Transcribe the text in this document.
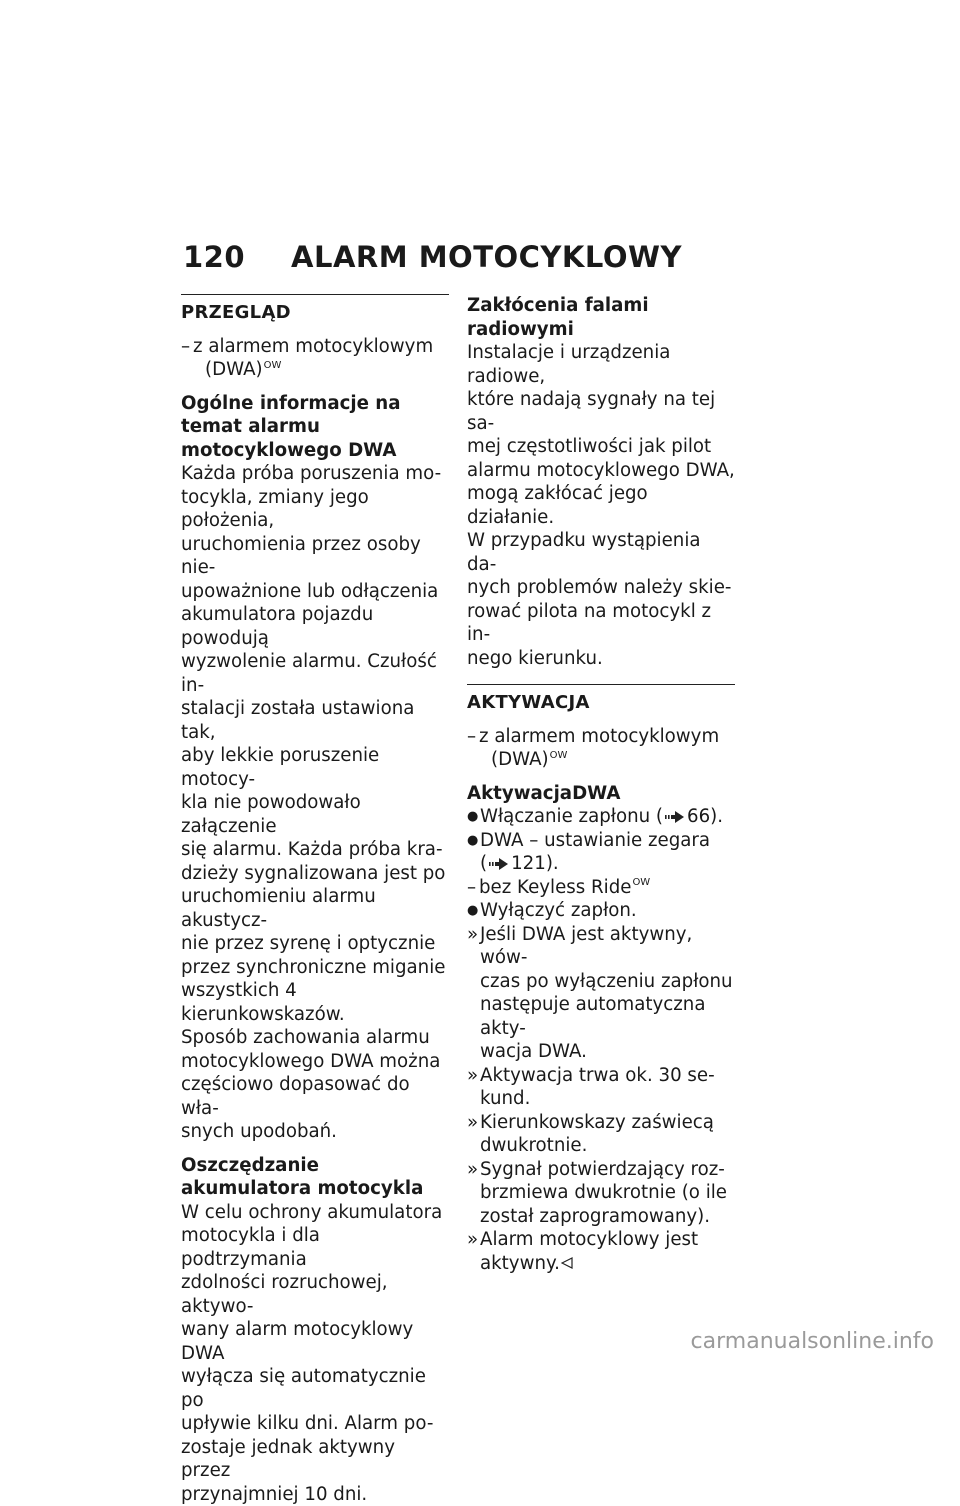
120 ALARM MOTOCYKLOWY
PRZEGLĄD
– z alarmem motocyklowym
(DWA)$^{OW}$
Ogólne informacje na temat alarmu motocyklowego DWA
Każda próba poruszenia mo-
tocykla, zmiany jego położenia,
uruchomienia przez osoby nie-
upoważnione lub odłączenia
akumulatora pojazdu powodują
wyzwolenie alarmu. Czułość in-
stalacji została ustawiona tak,
aby lekkie poruszenie motocy-
kla nie powodowało załączenie
się alarmu. Każda próba kra-
dzieży sygnalizowana jest po
uruchomieniu alarmu akustycz-
nie przez syrenę i optycznie
przez synchroniczne miganie
wszystkich 4 kierunkowskazów.
Sposób zachowania alarmu
motocyklowego DWA można
częściowo dopasować do wła-
snych upodobań.
Oszczędzanie akumulatora motocykla
W celu ochrony akumulatora
motocykla i dla podtrzymania
zdolności rozruchowej, aktywo-
wany alarm motocyklowy DWA
wyłącza się automatycznie po
upływie kilku dni. Alarm po-
zostaje jednak aktywny przez
przynajmniej 10 dni.
Zakłócenia falami radiowymi
Instalacje i urządzenia radiowe,
które nadają sygnały na tej sa-
mej częstotliwości jak pilot
alarmu motocyklowego DWA,
mogą zakłócać jego działanie.
W przypadku wystąpienia da-
nych problemów należy skie-
rować pilota na motocykl z in-
nego kierunku.
AKTYWACJA
– z alarmem motocyklowym
(DWA)$^{OW}$
AktywacjaDWA
● Włączanie zapłonu ( 66).
● DWA – ustawianie zegara
( 121).
– bez Keyless Ride$^{OW}$
● Wyłączyć zapłon.
» Jeśli DWA jest aktywny, wów-
czas po wyłączeniu zapłonu
następuje automatyczna akty-
wacja DWA.
» Aktywacja trwa ok. 30 se-
kund.
» Kierunkowskazy zaświecą
dwukrotnie.
» Sygnał potwierdzający roz-
brzmiewa dwukrotnie (o ile
został zaprogramowany).
» Alarm motocyklowy jest
aktywny.
carmanualsonline.info
